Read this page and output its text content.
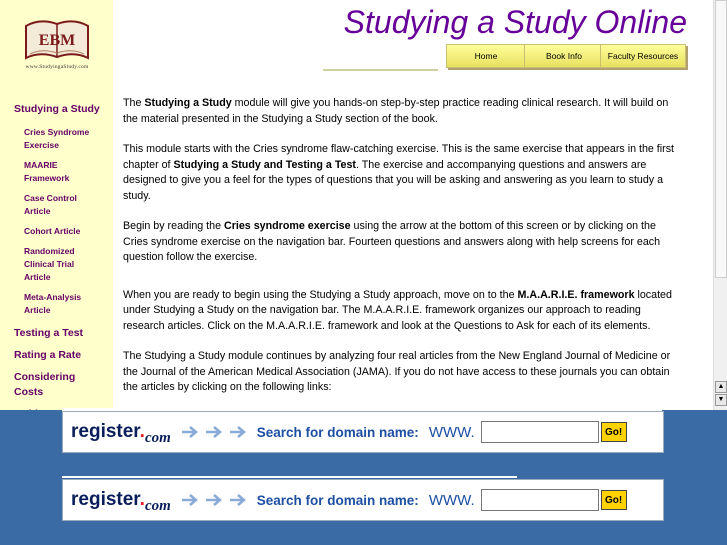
EBM
www.StudyingaStudy.com
Studying a Study
Cries Syndrome Exercise
MAARIE Framework
Case Control Article
Cohort Article
Randomized Clinical Trial Article
Meta-Analysis Article
Testing a Test
Rating a Rate
Considering Costs
Studying a Study Online
Home	Book Info	Faculty Resources

The Studying a Study module will give you hands-on step-by-step practice reading clinical research. It will build on the material presented in the Studying a Study section of the book.

This module starts with the Cries syndrome flaw-catching exercise. This is the same exercise that appears in the first chapter of Studying a Study and Testing a Test. The exercise and accompanying questions and answers are designed to give you a feel for the types of questions that you will be asking and answering as you learn to study a study.

Begin by reading the Cries syndrome exercise using the arrow at the bottom of this screen or by clicking on the Cries syndrome exercise on the navigation bar. Fourteen questions and answers along with help screens for each question follow the exercise.

When you are ready to begin using the Studying a Study approach, move on to the M.A.A.R.I.E. framework located under Studying a Study on the navigation bar. The M.A.A.R.I.E. framework organizes our approach to reading research articles. Click on the M.A.A.R.I.E. framework and look at the Questions to Ask for each of its elements.

The Studying a Study module continues by analyzing four real articles from the New England Journal of Medicine or the Journal of the American Medical Association (JAMA). If you do not have access to these journals you can obtain the articles by clicking on the following links:	▲
▼
$register._{com}$	Search for domain name: WWW.	Go!
$register._{com}$	Search for domain name: WWW.	Go!
